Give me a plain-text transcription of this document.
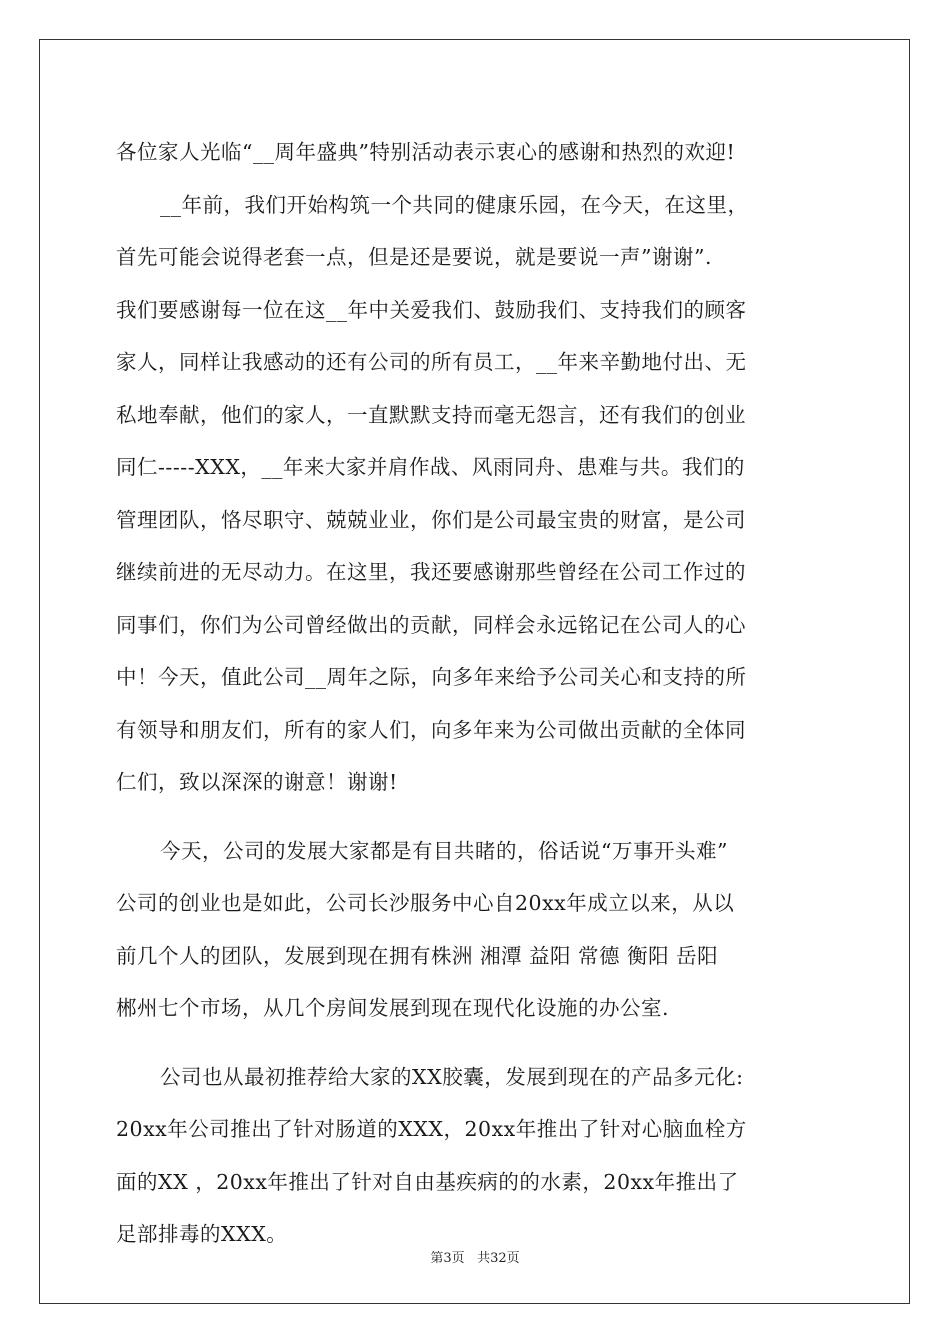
各位家人光临“__周年盛典”特别活动表示衷心的感谢和热烈的欢迎!
__年前，我们开始构筑一个共同的健康乐园，在今天，在这里，
首先可能会说得老套一点，但是还是要说，就是要说一声”谢谢”.
我们要感谢每一位在这__年中关爱我们、鼓励我们、支持我们的顾客
家人，同样让我感动的还有公司的所有员工，__年来辛勤地付出、无
私地奉献，他们的家人，一直默默支持而毫无怨言，还有我们的创业
同仁-----XXX，__年来大家并肩作战、风雨同舟、患难与共。我们的
管理团队，恪尽职守、兢兢业业，你们是公司最宝贵的财富，是公司
继续前进的无尽动力。在这里，我还要感谢那些曾经在公司工作过的
同事们，你们为公司曾经做出的贡献，同样会永远铭记在公司人的心
中！今天，值此公司__周年之际，向多年来给予公司关心和支持的所
有领导和朋友们，所有的家人们，向多年来为公司做出贡献的全体同
仁们，致以深深的谢意！谢谢!
今天，公司的发展大家都是有目共睹的，俗话说“万事开头难”
公司的创业也是如此，公司长沙服务中心自20xx年成立以来，从以
前几个人的团队，发展到现在拥有株洲 湘潭 益阳 常德 衡阳 岳阳
郴州七个市场，从几个房间发展到现在现代化设施的办公室.
公司也从最初推荐给大家的XX胶囊，发展到现在的产品多元化:
20xx年公司推出了针对肠道的XXX，20xx年推出了针对心脑血栓方
面的XX ，20xx年推出了针对自由基疾病的的水素，20xx年推出了
足部排毒的XXX。
第3页 共32页
